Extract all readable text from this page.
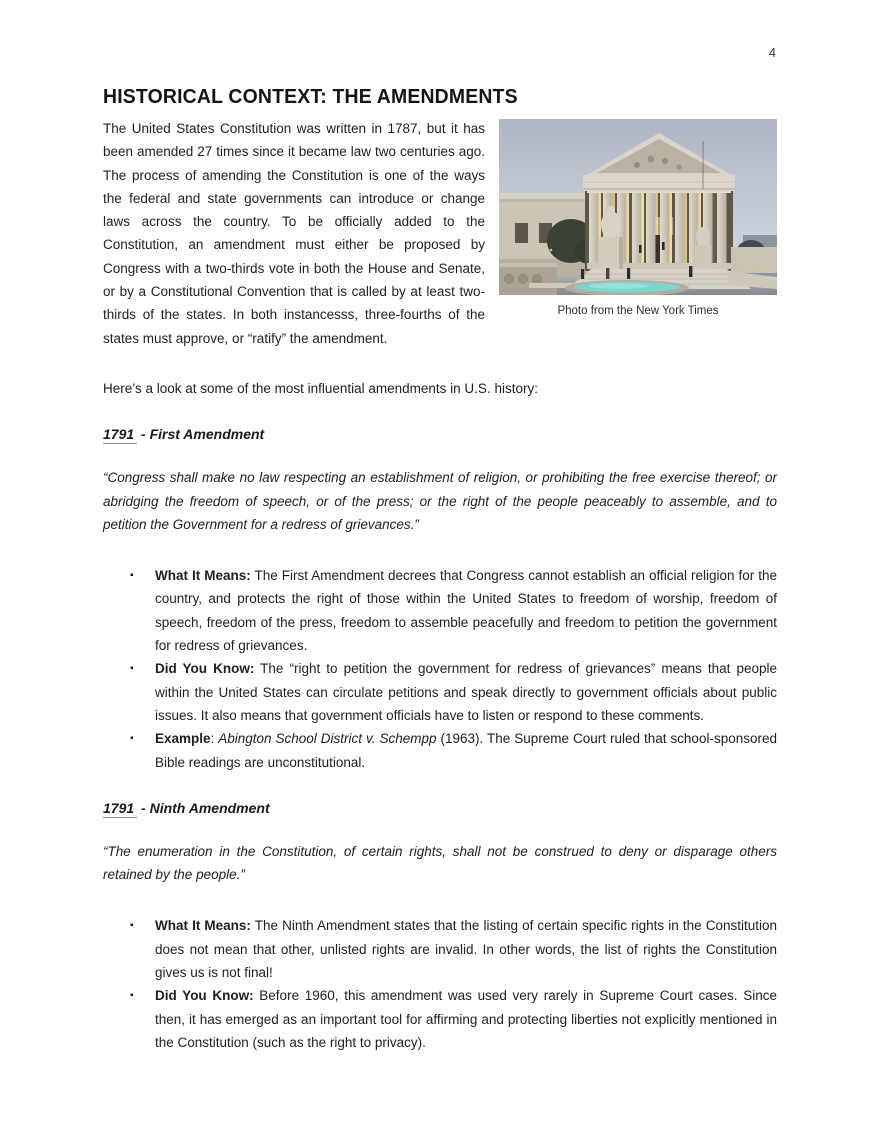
4
HISTORICAL CONTEXT: THE AMENDMENTS
Photo from the New York Times
The United States Constitution was written in 1787, but it has been amended 27 times since it became law two centuries ago. The process of amending the Constitution is one of the ways the federal and state governments can introduce or change laws across the country. To be officially added to the Constitution, an amendment must either be proposed by Congress with a two-thirds vote in both the House and Senate, or by a Constitutional Convention that is called by at least two-thirds of the states. In both instancesss, three-fourths of the states must approve, or “ratify” the amendment.

Here’s a look at some of the most influential amendments in U.S. history:

1791 - First Amendment

“Congress shall make no law respecting an establishment of religion, or prohibiting the free exercise thereof; or abridging the freedom of speech, or of the press; or the right of the people peaceably to assemble, and to petition the Government for a redress of grievances.”

▪ What It Means: The First Amendment decrees that Congress cannot establish an official religion for the country, and protects the right of those within the United States to freedom of worship, freedom of speech, freedom of the press, freedom to assemble peacefully and freedom to petition the government for redress of grievances.
▪ Did You Know: The “right to petition the government for redress of grievances” means that people within the United States can circulate petitions and speak directly to government officials about public issues. It also means that government officials have to listen or respond to these comments.
▪ Example: Abington School District v. Schempp (1963). The Supreme Court ruled that school-sponsored Bible readings are unconstitutional.
1791 - Ninth Amendment

“The enumeration in the Constitution, of certain rights, shall not be construed to deny or disparage others retained by the people.”

▪ What It Means: The Ninth Amendment states that the listing of certain specific rights in the Constitution does not mean that other, unlisted rights are invalid. In other words, the list of rights the Constitution gives us is not final!
▪ Did You Know: Before 1960, this amendment was used very rarely in Supreme Court cases. Since then, it has emerged as an important tool for affirming and protecting liberties not explicitly mentioned in the Constitution (such as the right to privacy).
